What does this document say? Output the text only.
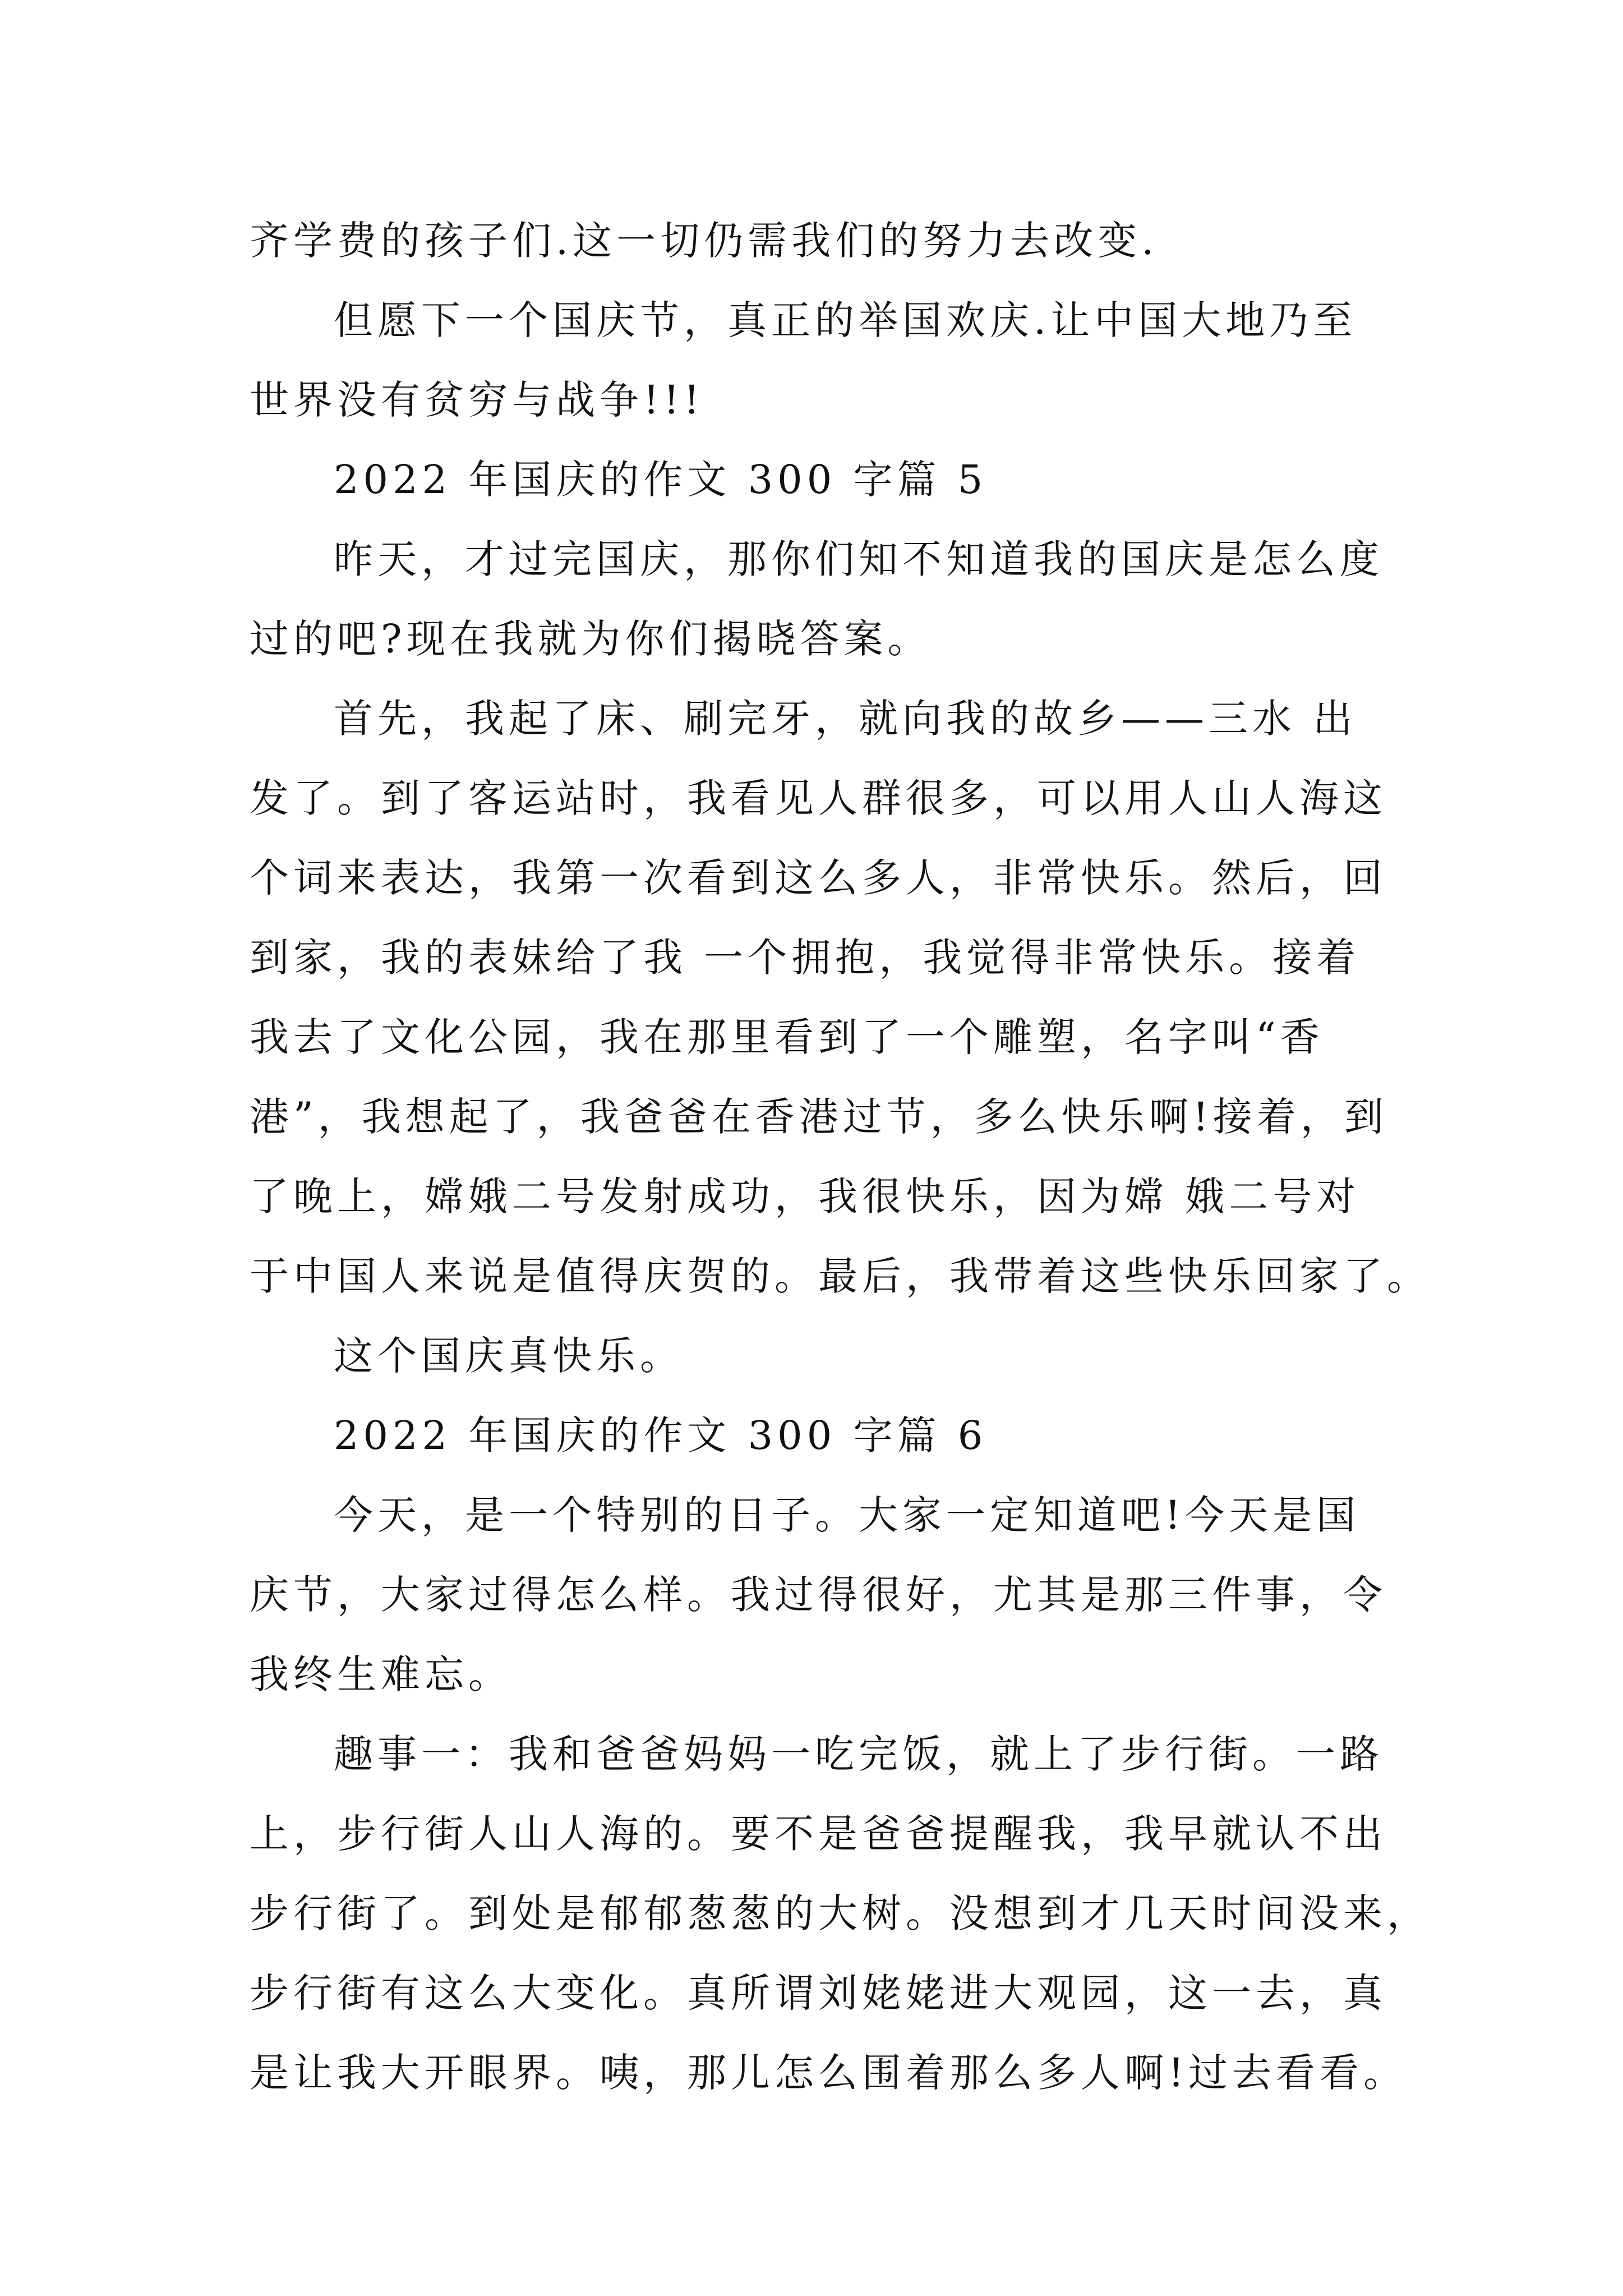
齐学费的孩子们.这一切仍需我们的努力去改变.
但愿下一个国庆节，真正的举国欢庆.让中国大地乃至
世界没有贫穷与战争!!!
2022 年国庆的作文 300 字篇 5
昨天，才过完国庆，那你们知不知道我的国庆是怎么度
过的吧?现在我就为你们揭晓答案。
首先，我起了床、刷完牙，就向我的故乡——三水 出
发了。到了客运站时，我看见人群很多，可以用人山人海这
个词来表达，我第一次看到这么多人，非常快乐。然后，回
到家，我的表妹给了我 一个拥抱，我觉得非常快乐。接着
我去了文化公园，我在那里看到了一个雕塑，名字叫“香
港”，我想起了，我爸爸在香港过节，多么快乐啊!接着，到
了晚上，嫦娥二号发射成功，我很快乐，因为嫦 娥二号对
于中国人来说是值得庆贺的。最后，我带着这些快乐回家了。
这个国庆真快乐。
2022 年国庆的作文 300 字篇 6
今天，是一个特别的日子。大家一定知道吧!今天是国
庆节，大家过得怎么样。我过得很好，尤其是那三件事，令
我终生难忘。
趣事一：我和爸爸妈妈一吃完饭，就上了步行街。一路
上，步行街人山人海的。要不是爸爸提醒我，我早就认不出
步行街了。到处是郁郁葱葱的大树。没想到才几天时间没来，
步行街有这么大变化。真所谓刘姥姥进大观园，这一去，真
是让我大开眼界。咦，那儿怎么围着那么多人啊!过去看看。
